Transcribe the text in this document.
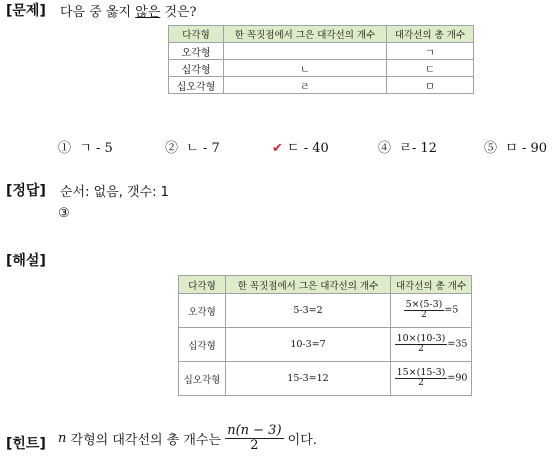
[문제] 다음 중 옳지 않은 것은?
다각형	한 꼭짓점에서 그은 대각선의 개수	대각선의 총 개수
오각형		ㄱ
십각형	ㄴ	ㄷ
십오각형	ㄹ	ㅁ
① ㄱ - 5	② ㄴ - 7	✔ ㄷ - 40	④ ㄹ- 12	⑤ ㅁ - 90
[정답] 순서: 없음, 갯수: 1
③
[해설]
다각형	한 꼭짓점에서 그은 대각선의 개수	대각선의 총 개수
오각형	5-3=2	$\frac{5\times(5-3)}{2} =5$
십각형	10-3=7	$\frac{10\times(10-3)}{2} =35$
십오각형	15-3=12	$\frac{15\times(15-3)}{2} =90$
[힌트] n
각형의 대각선의 총 개수는
$\frac{n(n - 3)}{2}$
이다.
